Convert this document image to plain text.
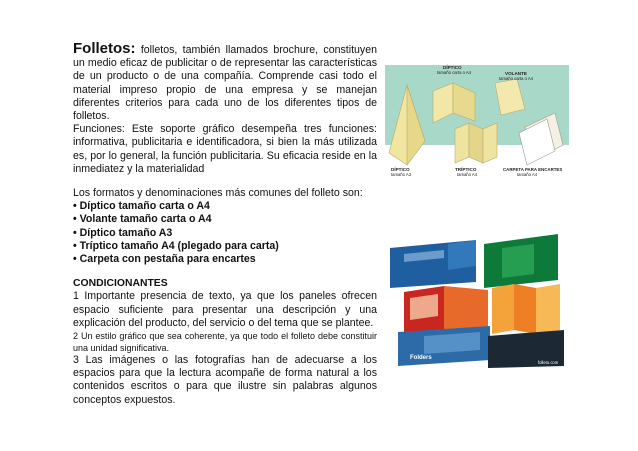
Folletos: folletos, también llamados brochure, constituyen un medio eficaz de publicitar o de representar las características de un producto o de una compañía. Comprende casi todo el material impreso propio de una empresa y se manejan diferentes criterios para cada uno de los diferentes tipos de folletos.

Funciones: Este soporte gráfico desempeña tres funciones: informativa, publicitaria e identificadora, si bien la más utilizada es, por lo general, la función publicitaria. Su eficacia reside en la inmediatez y la materialidad

Los formatos y denominaciones más comunes del folleto son:

• Díptico tamaño carta o A4

• Volante tamaño carta o A4

• Díptico tamaño A3

• Tríptico tamaño A4 (plegado para carta)

• Carpeta con pestaña para encartes

CONDICIONANTES

1 Importante presencia de texto, ya que los paneles ofrecen espacio suficiente para presentar una descripción y una explicación del producto, del servicio o del tema que se plantee.

2 Un estilo gráfico que sea coherente, ya que todo el folleto debe constituir una unidad significativa.

3 Las imágenes o las fotografías han de adecuarse a los espacios para que la lectura acompañe de forma natural a los contenidos escritos o para que ilustre sin palabras algunos conceptos expuestos.

DÍPTICO
tamaño carta o A4	VOLANTE
tamaño carta o A4
DÍPTICO
tamaño A3
TRÍPTICO
tamaño A4
CARPETA PARA ENCARTES
tamaño A4
Folders
folleto.com
